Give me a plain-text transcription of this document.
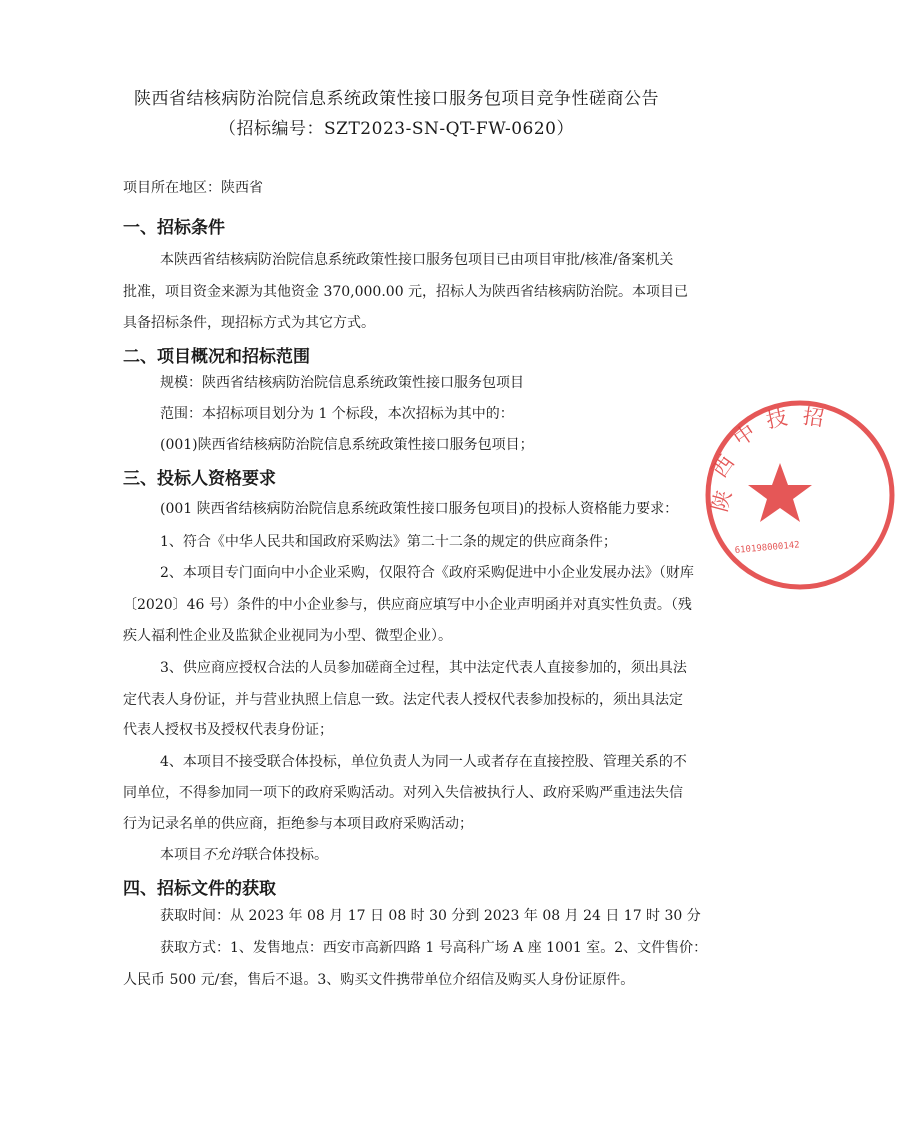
陕西省结核病防治院信息系统政策性接口服务包项目竞争性磋商公告
（招标编号：SZT2023-SN-QT-FW-0620）
项目所在地区：陕西省
一、招标条件
本陕西省结核病防治院信息系统政策性接口服务包项目已由项目审批/核准/备案机关
批准，项目资金来源为其他资金 370,000.00 元，招标人为陕西省结核病防治院。本项目已
具备招标条件，现招标方式为其它方式。
二、项目概况和招标范围
规模：陕西省结核病防治院信息系统政策性接口服务包项目
范围：本招标项目划分为 1 个标段，本次招标为其中的：
(001)陕西省结核病防治院信息系统政策性接口服务包项目；
三、投标人资格要求
(001 陕西省结核病防治院信息系统政策性接口服务包项目)的投标人资格能力要求：
1、符合《中华人民共和国政府采购法》第二十二条的规定的供应商条件；
2、本项目专门面向中小企业采购，仅限符合《政府采购促进中小企业发展办法》（财库
〔2020〕46 号）条件的中小企业参与，供应商应填写中小企业声明函并对真实性负责。（残
疾人福利性企业及监狱企业视同为小型、微型企业）。
3、供应商应授权合法的人员参加磋商全过程，其中法定代表人直接参加的，须出具法
定代表人身份证，并与营业执照上信息一致。法定代表人授权代表参加投标的，须出具法定
代表人授权书及授权代表身份证；
4、本项目不接受联合体投标，单位负责人为同一人或者存在直接控股、管理关系的不
同单位，不得参加同一项下的政府采购活动。对列入失信被执行人、政府采购严重违法失信
行为记录名单的供应商，拒绝参与本项目政府采购活动；
本项目不允许联合体投标。
四、招标文件的获取
获取时间：从 2023 年 08 月 17 日 08 时 30 分到 2023 年 08 月 24 日 17 时 30 分
获取方式：1、发售地点：西安市高新四路 1 号高科广场 A 座 1001 室。2、文件售价：
人民币 500 元/套，售后不退。3、购买文件携带单位介绍信及购买人身份证原件。
陕
西
中
技 招
610198000142
